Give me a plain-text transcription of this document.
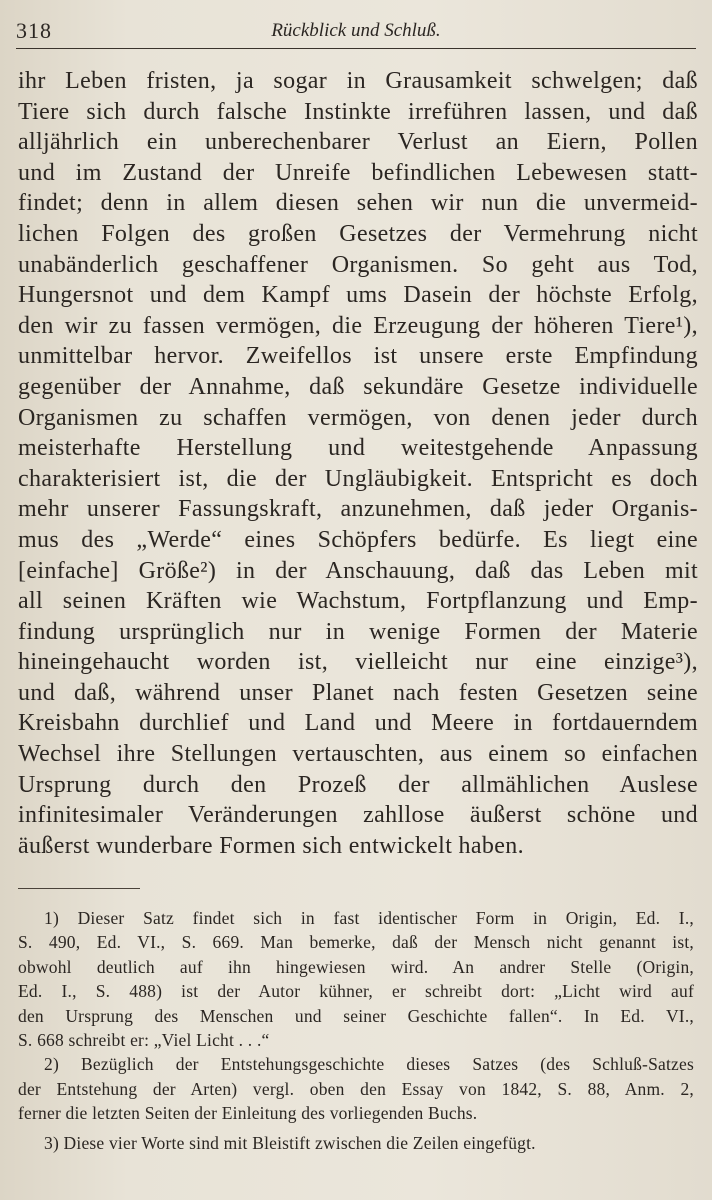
318	Rückblick und Schluß.
ihr Leben fristen, ja sogar in Grausamkeit schwelgen; daß
Tiere sich durch falsche Instinkte irreführen lassen, und daß
alljährlich ein unberechenbarer Verlust an Eiern, Pollen
und im Zustand der Unreife befindlichen Lebewesen statt-
findet; denn in allem diesen sehen wir nun die unvermeid-
lichen Folgen des großen Gesetzes der Vermehrung nicht
unabänderlich geschaffener Organismen. So geht aus Tod,
Hungersnot und dem Kampf ums Dasein der höchste Erfolg,
den wir zu fassen vermögen, die Erzeugung der höheren Tiere¹),
unmittelbar hervor. Zweifellos ist unsere erste Empfindung
gegenüber der Annahme, daß sekundäre Gesetze individuelle
Organismen zu schaffen vermögen, von denen jeder durch
meisterhafte Herstellung und weitestgehende Anpassung
charakterisiert ist, die der Ungläubigkeit. Entspricht es doch
mehr unserer Fassungskraft, anzunehmen, daß jeder Organis-
mus des „Werde“ eines Schöpfers bedürfe. Es liegt eine
[einfache] Größe²) in der Anschauung, daß das Leben mit
all seinen Kräften wie Wachstum, Fortpflanzung und Emp-
findung ursprünglich nur in wenige Formen der Materie
hineingehaucht worden ist, vielleicht nur eine einzige³),
und daß, während unser Planet nach festen Gesetzen seine
Kreisbahn durchlief und Land und Meere in fortdauerndem
Wechsel ihre Stellungen vertauschten, aus einem so einfachen
Ursprung durch den Prozeß der allmählichen Auslese
infinitesimaler Veränderungen zahllose äußerst schöne und
äußerst wunderbare Formen sich entwickelt haben.
1) Dieser Satz findet sich in fast identischer Form in Origin, Ed. I.,
S. 490, Ed. VI., S. 669. Man bemerke, daß der Mensch nicht genannt ist,
obwohl deutlich auf ihn hingewiesen wird. An andrer Stelle (Origin,
Ed. I., S. 488) ist der Autor kühner, er schreibt dort: „Licht wird auf
den Ursprung des Menschen und seiner Geschichte fallen“. In Ed. VI.,
S. 668 schreibt er: „Viel Licht . . .“
2) Bezüglich der Entstehungsgeschichte dieses Satzes (des Schluß-Satzes
der Entstehung der Arten) vergl. oben den Essay von 1842, S. 88, Anm. 2,
ferner die letzten Seiten der Einleitung des vorliegenden Buchs.
3) Diese vier Worte sind mit Bleistift zwischen die Zeilen eingefügt.
